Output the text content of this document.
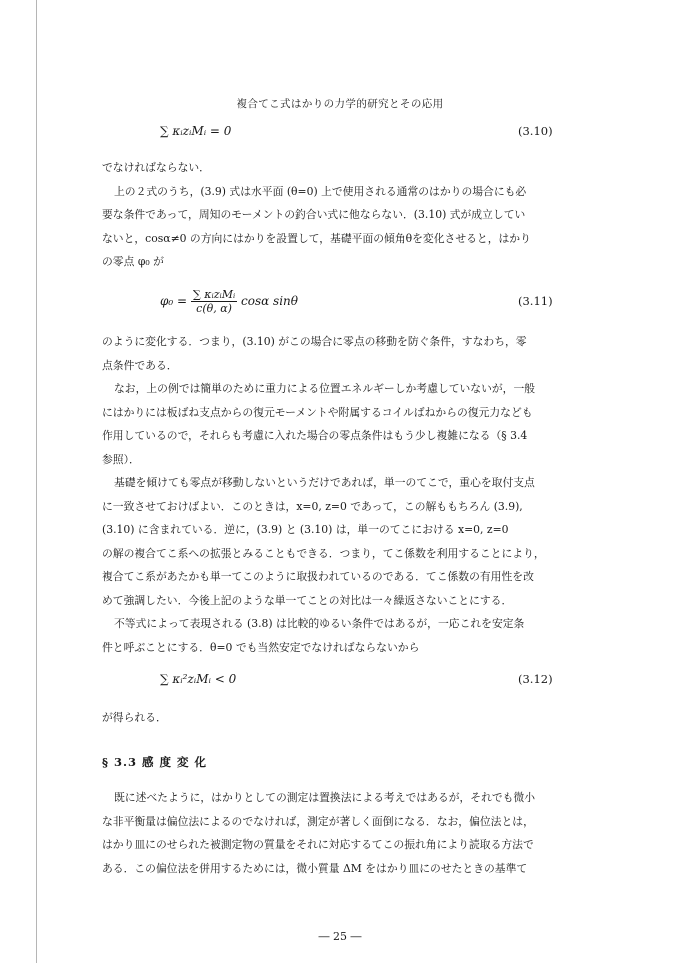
複合てこ式はかりの力学的研究とその応用
∑ κᵢzᵢMᵢ = 0	(3.10)
でなければならない．
上の２式のうち，(3.9) 式は水平面 (θ=0) 上で使用される通常のはかりの場合にも必
要な条件であって，周知のモーメントの釣合い式に他ならない．(3.10) 式が成立してい
ないと，cosα≠0 の方向にはかりを設置して，基礎平面の傾角θを変化させると，はかり
の零点 φ₀ が
$\varphi_0 = \frac{\text{∑ κᵢzᵢMᵢ}}{c(\theta, \alpha)}$ cosα sinθ	(3.11)
のように変化する．つまり，(3.10) がこの場合に零点の移動を防ぐ条件，すなわち，零
点条件である．
なお，上の例では簡単のために重力による位置エネルギーしか考慮していないが，一般
にはかりには板ばね支点からの復元モーメントや附属するコイルばねからの復元力なども
作用しているので，それらも考慮に入れた場合の零点条件はもう少し複雑になる（§ 3.4
参照）．
基礎を傾けても零点が移動しないというだけであれば，単一のてこで，重心を取付支点
に一致させておけばよい．このときは，x=0, z=0 であって，この解ももちろん (3.9),
(3.10) に含まれている．逆に，(3.9) と (3.10) は，単一のてこにおける x=0, z=0
の解の複合てこ系への拡張とみることもできる．つまり，てこ係数を利用することにより，
複合てこ系があたかも単一てこのように取扱われているのである．てこ係数の有用性を改
めて強調したい．今後上記のような単一てことの対比は一々繰返さないことにする．
不等式によって表現される (3.8) は比較的ゆるい条件ではあるが，一応これを安定条
件と呼ぶことにする．θ=0 でも当然安定でなければならないから
∑ κᵢ²zᵢMᵢ < 0	(3.12)
が得られる．
§ 3.3 感 度 変 化
既に述べたように，はかりとしての測定は置換法による考えではあるが，それでも微小
な非平衡量は偏位法によるのでなければ，測定が著しく面倒になる．なお，偏位法とは，
はかり皿にのせられた被測定物の質量をそれに対応するてこの振れ角により読取る方法で
ある．この偏位法を併用するためには，微小質量 ΔM をはかり皿にのせたときの基準て
― 25 ―
